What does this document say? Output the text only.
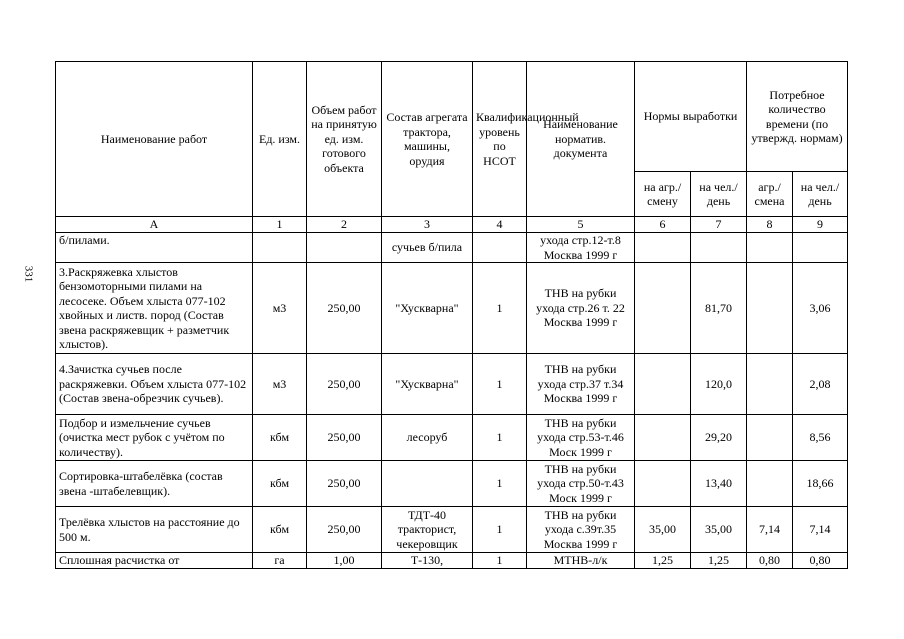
331
Наименование работ	Ед. изм.	Объем работ на принятую ед. изм. готового объекта	Состав агрегата трактора, машины, орудия	Квалификационный уровень по НСОТ	Наименование норматив. документа	Нормы выработки		Потребное количество времени (по утвержд. нормам)	
						на агр./ смену	на чел./ день	агр./ смена	на чел./ день
А	1	2	3	4	5	6	7	8	9
б/пилами.			сучьев б/пила		ухода стр.12-т.8 Москва 1999 г				
3.Раскряжевка хлыстов бензомоторными пилами на лесосеке. Объем хлыста 077-102 хвойных и листв. пород (Состав звена раскряжевщик + разметчик хлыстов).	м3	250,00	"Хускварна"	1	ТНВ на рубки ухода стр.26 т. 22 Москва 1999 г		81,70		3,06
4.Зачистка сучьев после раскряжевки. Объем хлыста 077-102 (Состав звена-обрезчик сучьев).	м3	250,00	"Хускварна"	1	ТНВ на рубки ухода стр.37 т.34 Москва 1999 г		120,0		2,08
Подбор и измельчение сучьев (очистка мест рубок с учётом по количеству).	кбм	250,00	лесоруб	1	ТНВ на рубки ухода стр.53-т.46 Моск 1999 г		29,20		8,56
Сортировка-штабелёвка (состав звена -штабелевщик).	кбм	250,00		1	ТНВ на рубки ухода стр.50-т.43 Моск 1999 г		13,40		18,66
Трелёвка хлыстов на расстояние до 500 м.	кбм	250,00	ТДТ-40 тракторист, чекеровщик	1	ТНВ на рубки ухода с.39т.35 Москва 1999 г	35,00	35,00	7,14	7,14
Сплошная расчистка от	га	1,00	Т-130,	1	МТНВ-л/к	1,25	1,25	0,80	0,80
